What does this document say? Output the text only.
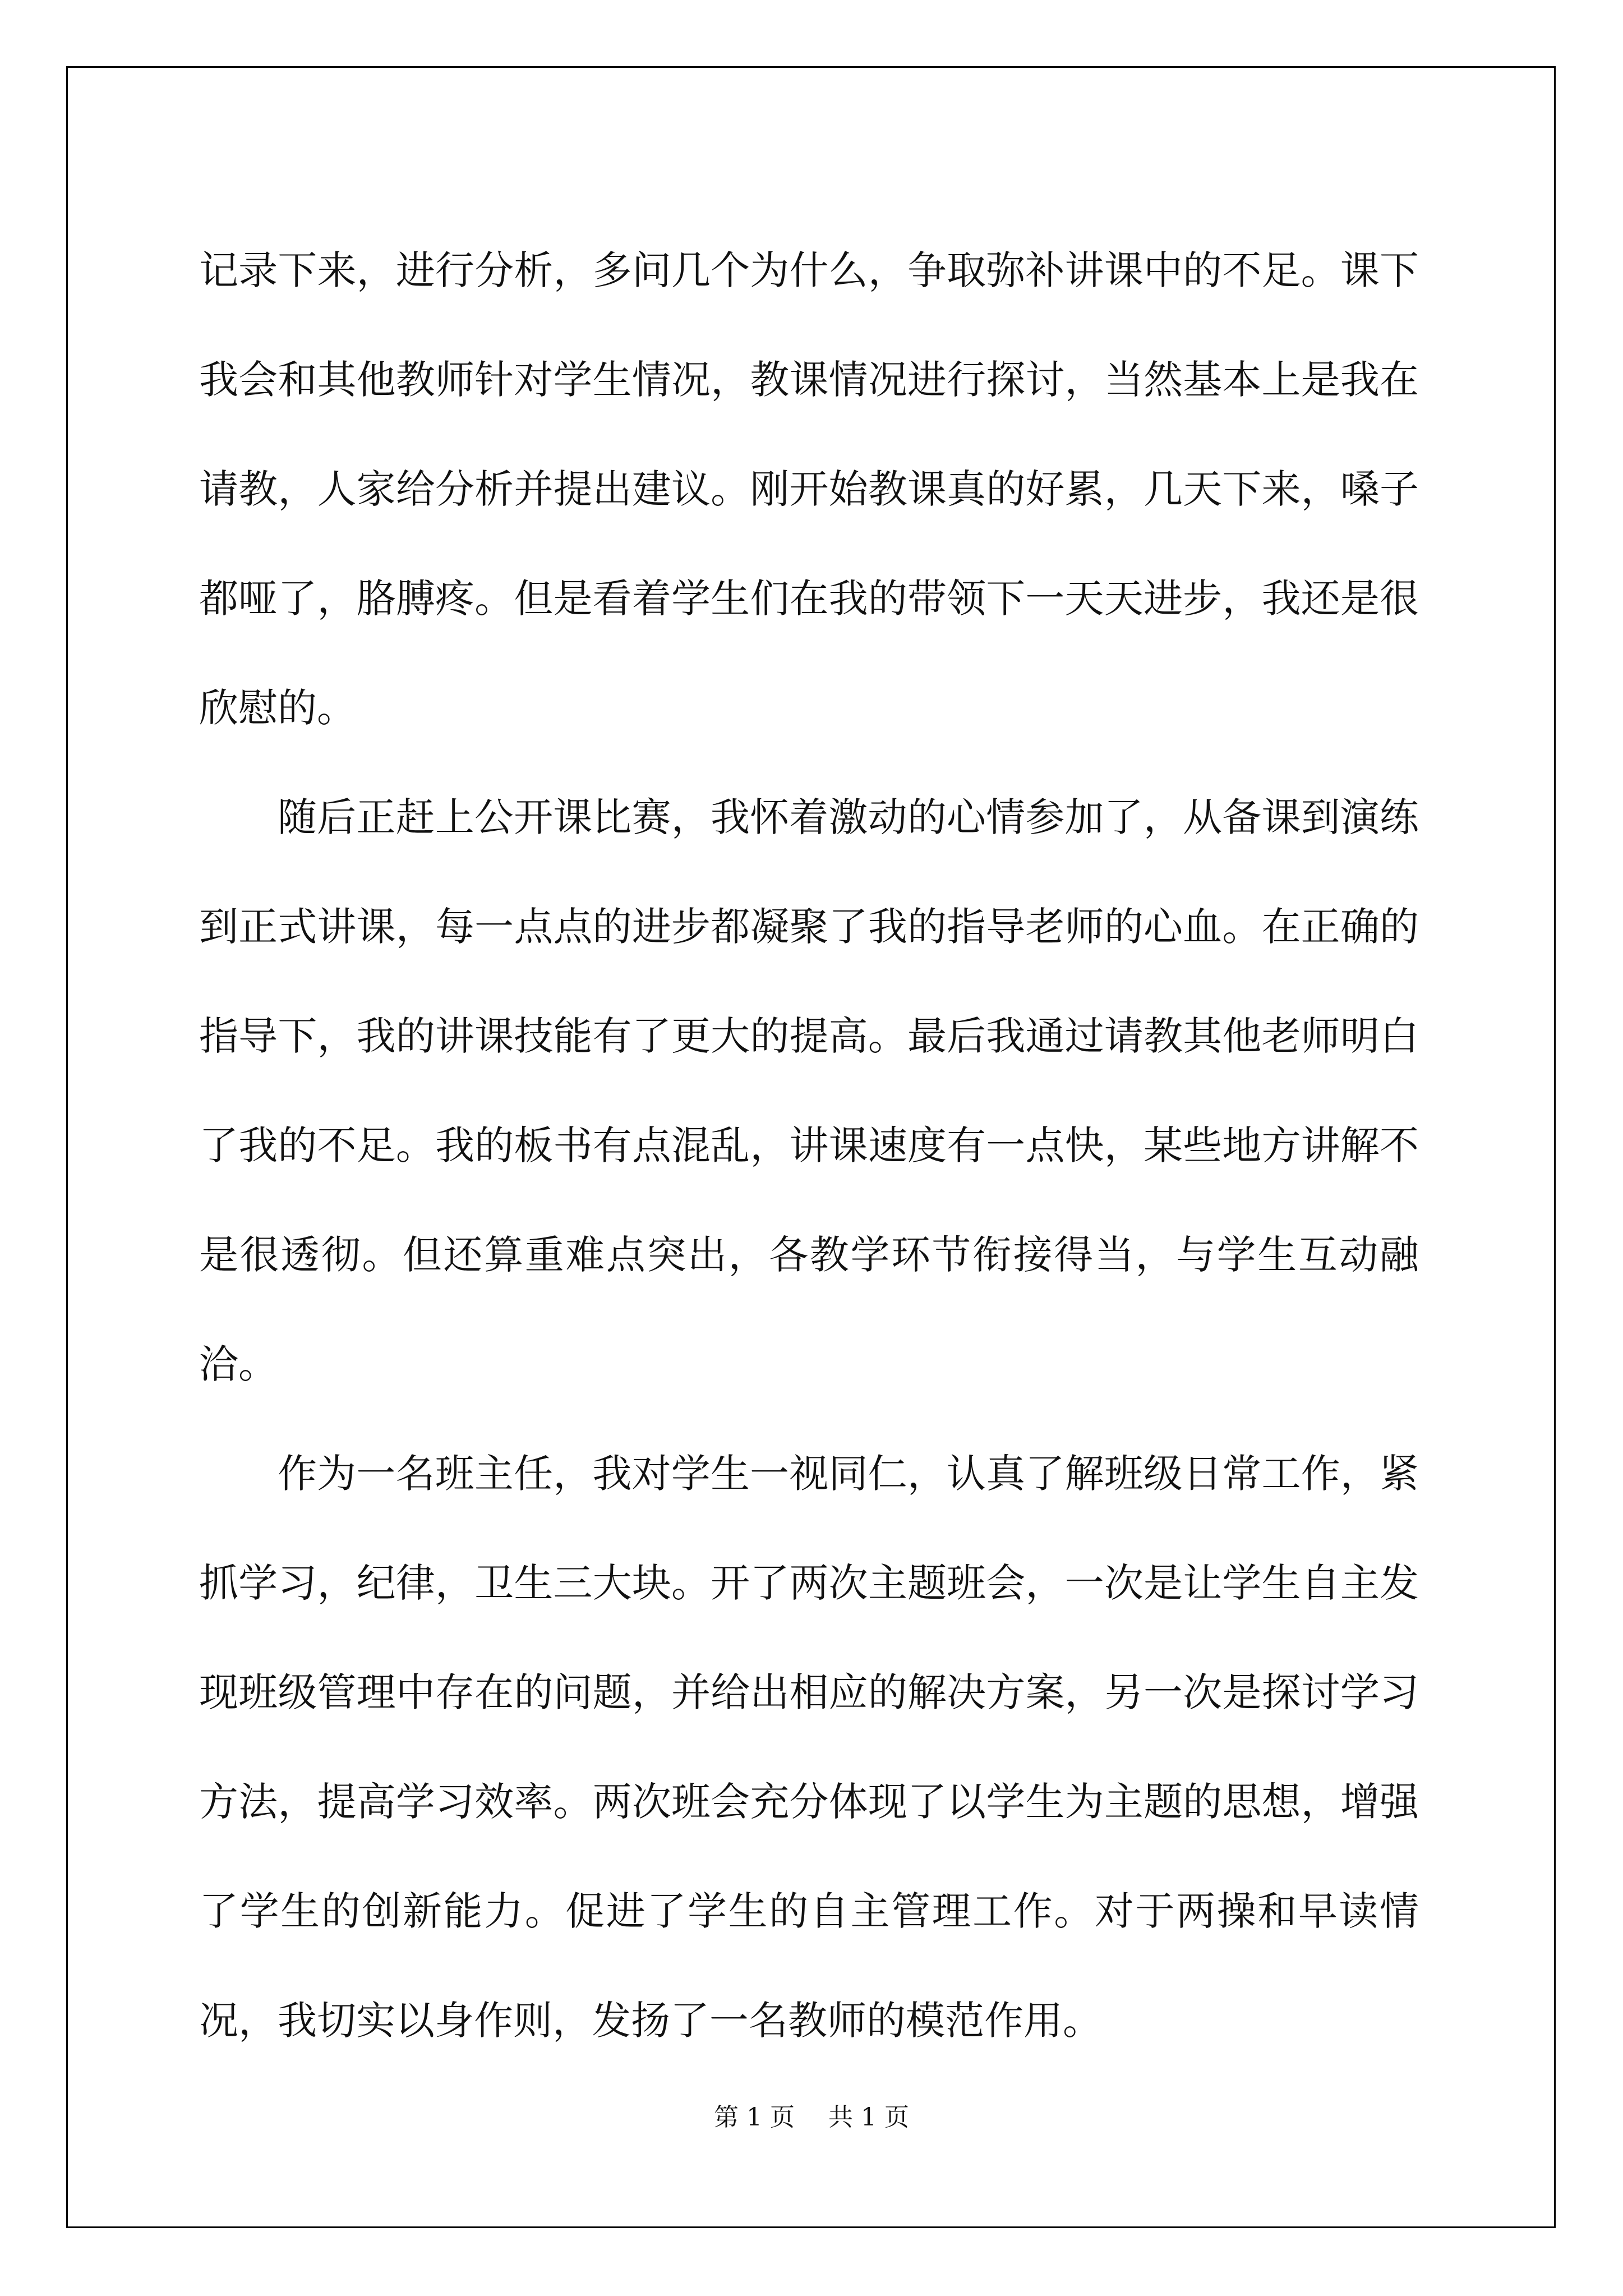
记录下来，进行分析，多问几个为什么，争取弥补讲课中的不足。课下我会和其他教师针对学生情况，教课情况进行探讨，当然基本上是我在请教，人家给分析并提出建议。刚开始教课真的好累，几天下来，嗓子都哑了，胳膊疼。但是看着学生们在我的带领下一天天进步，我还是很欣慰的。

随后正赶上公开课比赛，我怀着激动的心情参加了，从备课到演练到正式讲课，每一点点的进步都凝聚了我的指导老师的心血。在正确的指导下，我的讲课技能有了更大的提高。最后我通过请教其他老师明白了我的不足。我的板书有点混乱，讲课速度有一点快，某些地方讲解不是很透彻。但还算重难点突出，各教学环节衔接得当，与学生互动融洽。

作为一名班主任，我对学生一视同仁，认真了解班级日常工作，紧抓学习，纪律，卫生三大块。开了两次主题班会，一次是让学生自主发现班级管理中存在的问题，并给出相应的解决方案，另一次是探讨学习方法，提高学习效率。两次班会充分体现了以学生为主题的思想，增强了学生的创新能力。促进了学生的自主管理工作。对于两操和早读情况，我切实以身作则，发扬了一名教师的模范作用。

第 1 页 共 1 页
